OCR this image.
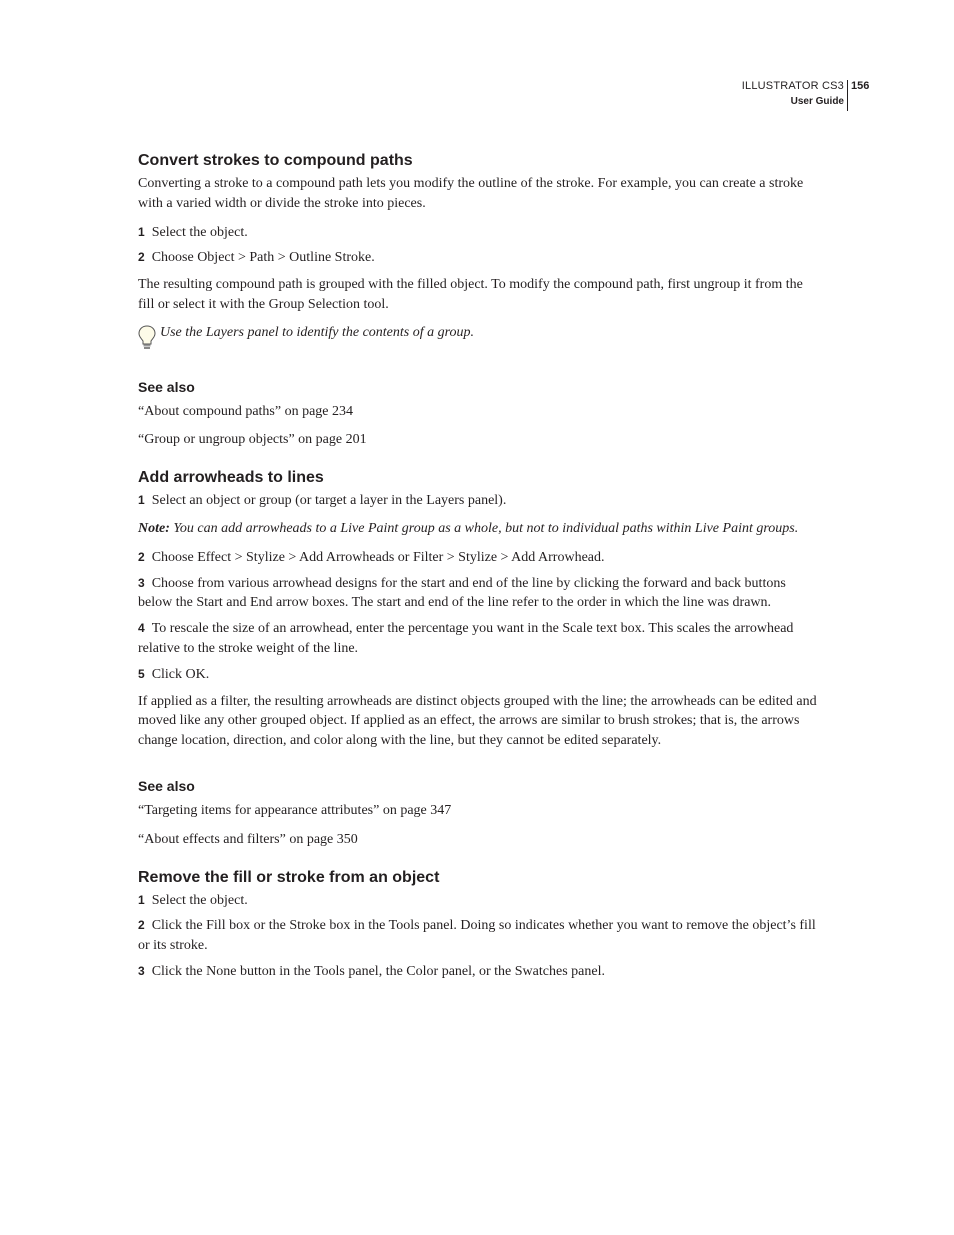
ILLUSTRATOR CS3
User Guide
156
Convert strokes to compound paths

Converting a stroke to a compound path lets you modify the outline of the stroke. For example, you can create a stroke with a varied width or divide the stroke into pieces.

1 Select the object.

2 Choose Object > Path > Outline Stroke.

The resulting compound path is grouped with the filled object. To modify the compound path, first ungroup it from the fill or select it with the Group Selection tool.

Use the Layers panel to identify the contents of a group.

See also

“About compound paths” on page 234

“Group or ungroup objects” on page 201

Add arrowheads to lines

1 Select an object or group (or target a layer in the Layers panel).

Note: You can add arrowheads to a Live Paint group as a whole, but not to individual paths within Live Paint groups.

2 Choose Effect > Stylize > Add Arrowheads or Filter > Stylize > Add Arrowhead.

3 Choose from various arrowhead designs for the start and end of the line by clicking the forward and back buttons below the Start and End arrow boxes. The start and end of the line refer to the order in which the line was drawn.

4 To rescale the size of an arrowhead, enter the percentage you want in the Scale text box. This scales the arrowhead relative to the stroke weight of the line.

5 Click OK.

If applied as a filter, the resulting arrowheads are distinct objects grouped with the line; the arrowheads can be edited and moved like any other grouped object. If applied as an effect, the arrows are similar to brush strokes; that is, the arrows change location, direction, and color along with the line, but they cannot be edited separately.

See also

“Targeting items for appearance attributes” on page 347

“About effects and filters” on page 350

Remove the fill or stroke from an object

1 Select the object.

2 Click the Fill box or the Stroke box in the Tools panel. Doing so indicates whether you want to remove the object’s fill or its stroke.

3 Click the None button in the Tools panel, the Color panel, or the Swatches panel.
